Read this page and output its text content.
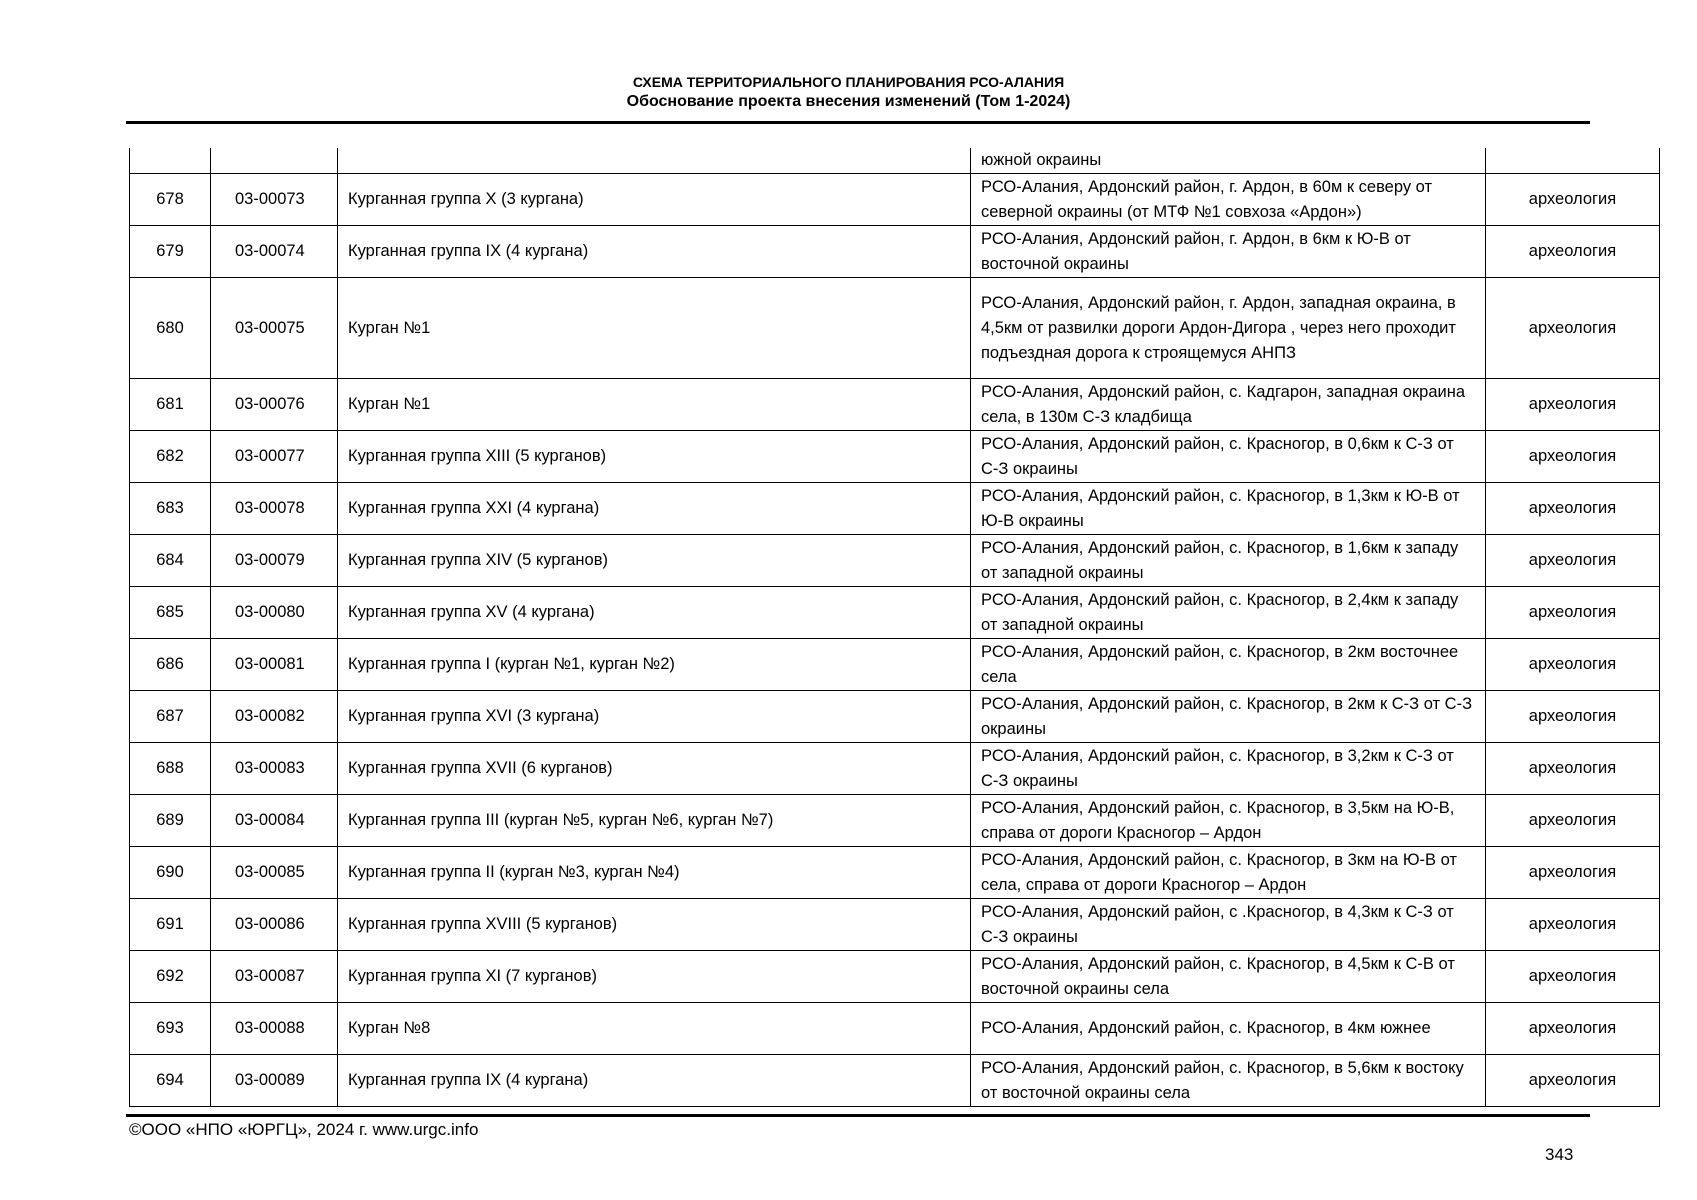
СХЕМА ТЕРРИТОРИАЛЬНОГО ПЛАНИРОВАНИЯ РСО-АЛАНИЯ
Обоснование проекта внесения изменений (Том 1-2024)
			южной окраины	
678	03-00073	Курганная группа X (3 кургана)	РСО-Алания, Ардонский район, г. Ардон, в 60м к северу от северной окраины (от МТФ №1 совхоза «Ардон»)	археология
679	03-00074	Курганная группа IX (4 кургана)	РСО-Алания, Ардонский район, г. Ардон, в 6км к Ю-В от восточной окраины	археология
680	03-00075	Курган №1	РСО-Алания, Ардонский район, г. Ардон, западная окраина, в 4,5км от развилки дороги Ардон-Дигора , через него проходит подъездная дорога к строящемуся АНПЗ	археология
681	03-00076	Курган №1	РСО-Алания, Ардонский район, с. Кадгарон, западная окраина села, в 130м С-З кладбища	археология
682	03-00077	Курганная группа XIII (5 курганов)	РСО-Алания, Ардонский район, с. Красногор, в 0,6км к С-З от С-З окраины	археология
683	03-00078	Курганная группа XXI (4 кургана)	РСО-Алания, Ардонский район, с. Красногор, в 1,3км к Ю-В от Ю-В окраины	археология
684	03-00079	Курганная группа XIV (5 курганов)	РСО-Алания, Ардонский район, с. Красногор, в 1,6км к западу от западной окраины	археология
685	03-00080	Курганная группа XV (4 кургана)	РСО-Алания, Ардонский район, с. Красногор, в 2,4км к западу от западной окраины	археология
686	03-00081	Курганная группа I (курган №1, курган №2)	РСО-Алания, Ардонский район, с. Красногор, в 2км восточнее села	археология
687	03-00082	Курганная группа XVI (3 кургана)	РСО-Алания, Ардонский район, с. Красногор, в 2км к С-З от С-З окраины	археология
688	03-00083	Курганная группа XVII (6 курганов)	РСО-Алания, Ардонский район, с. Красногор, в 3,2км к С-З от С-З окраины	археология
689	03-00084	Курганная группа III (курган №5, курган №6, курган №7)	РСО-Алания, Ардонский район, с. Красногор, в 3,5км на Ю-В, справа от дороги Красногор – Ардон	археология
690	03-00085	Курганная группа II (курган №3, курган №4)	РСО-Алания, Ардонский район, с. Красногор, в 3км на Ю-В от села, справа от дороги Красногор – Ардон	археология
691	03-00086	Курганная группа XVIII (5 курганов)	РСО-Алания, Ардонский район, с .Красногор, в 4,3км к С-З от С-З окраины	археология
692	03-00087	Курганная группа XI (7 курганов)	РСО-Алания, Ардонский район, с. Красногор, в 4,5км к С-В от восточной окраины села	археология
693	03-00088	Курган №8	РСО-Алания, Ардонский район, с. Красногор, в 4км южнее	археология
694	03-00089	Курганная группа IX (4 кургана)	РСО-Алания, Ардонский район, с. Красногор, в 5,6км к востоку от восточной окраины села	археология
©ООО «НПО «ЮРГЦ», 2024 г. www.urgc.info
343
